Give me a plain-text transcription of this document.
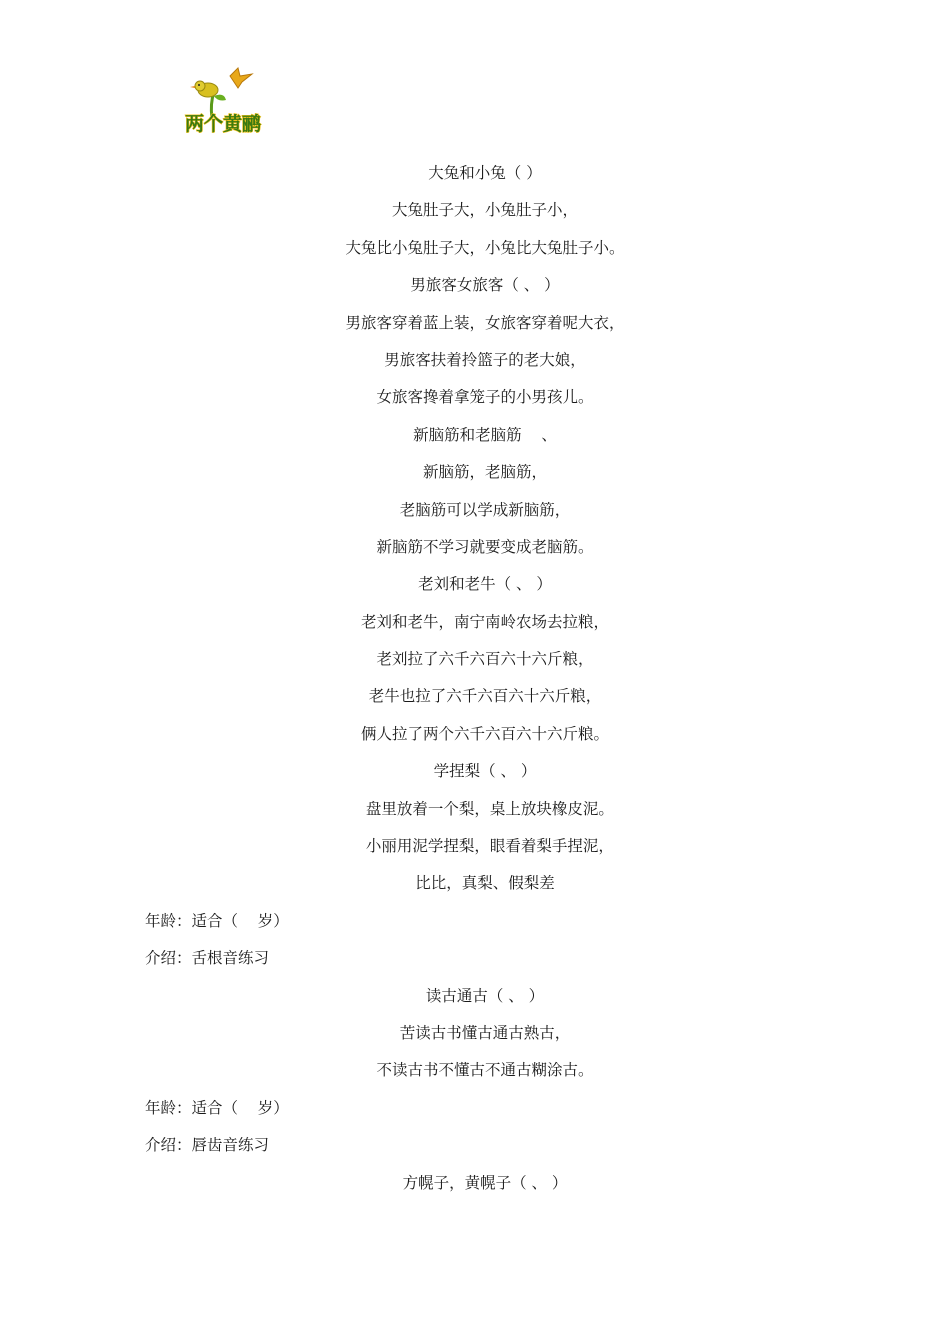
两个黄鹂
大兔和小兔（ ）
大兔肚子大，小兔肚子小，
大兔比小兔肚子大，小兔比大兔肚子小。
男旅客女旅客（ 、 ）
男旅客穿着蓝上装，女旅客穿着呢大衣，
男旅客扶着拎篮子的老大娘，
女旅客搀着拿笼子的小男孩儿。
新脑筋和老脑筋    、
新脑筋，老脑筋，
老脑筋可以学成新脑筋，
新脑筋不学习就要变成老脑筋。
老刘和老牛（ 、 ）
老刘和老牛，南宁南岭农场去拉粮，
老刘拉了六千六百六十六斤粮，
老牛也拉了六千六百六十六斤粮，
俩人拉了两个六千六百六十六斤粮。
学捏梨（ 、 ）
盘里放着一个梨，桌上放块橡皮泥。
小丽用泥学捏梨，眼看着梨手捏泥，
比比，真梨、假梨差
年龄：适合（    岁）
介绍：舌根音练习
读古通古（ 、 ）
苦读古书懂古通古熟古，
不读古书不懂古不通古糊涂古。
年龄：适合（    岁）
介绍：唇齿音练习
方幌子，黄幌子（ 、 ）
